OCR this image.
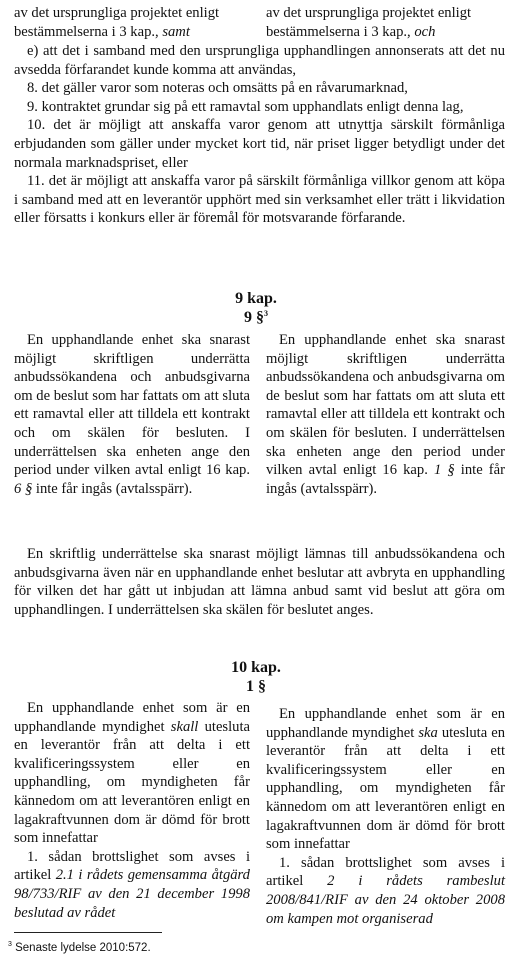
av det ursprungliga projektet enligt

bestämmelserna i 3 kap., samt

av det ursprungliga projektet enligt

bestämmelserna i 3 kap., och

e) att det i samband med den ursprungliga upphandlingen annonserats att det nu avsedda förfarandet kunde komma att användas,

8. det gäller varor som noteras och omsätts på en råvarumarknad,

9. kontraktet grundar sig på ett ramavtal som upphandlats enligt denna lag,

10. det är möjligt att anskaffa varor genom att utnyttja särskilt förmånliga erbjudanden som gäller under mycket kort tid, när priset ligger betydligt under det normala marknadspriset, eller

11. det är möjligt att anskaffa varor på särskilt förmånliga villkor genom att köpa i samband med att en leverantör upphört med sin verksamhet eller trätt i likvidation eller försatts i konkurs eller är föremål för motsvarande förfarande.

9 kap.

9 §$^3$

En upphandlande enhet ska snarast möjligt skriftligen underrätta anbudssökandena och anbudsgivarna om de beslut som har fattats om att sluta ett ramavtal eller att tilldela ett kontrakt och om skälen för besluten. I underrättelsen ska enheten ange den period under vilken avtal enligt 16 kap. 6 § inte får ingås (avtalsspärr).

En upphandlande enhet ska snarast möjligt skriftligen underrätta anbudssökandena och anbudsgivarna om de beslut som har fattats om att sluta ett ramavtal eller att tilldela ett kontrakt och om skälen för besluten. I underrättelsen ska enheten ange den period under vilken avtal enligt 16 kap. 1 § inte får ingås (avtalsspärr).

En skriftlig underrättelse ska snarast möjligt lämnas till anbudssökandena och anbudsgivarna även när en upphandlande enhet beslutar att avbryta en upphandling för vilken det har gått ut inbjudan att lämna anbud samt vid beslut att göra om upphandlingen. I underrättelsen ska skälen för beslutet anges.

10 kap.

1 §

En upphandlande enhet som är en upphandlande myndighet skall utesluta en leverantör från att delta i ett kvalificeringssystem eller en upphandling, om myndigheten får kännedom om att leverantören enligt en lagakraftvunnen dom är dömd för brott som innefattar

1. sådan brottslighet som avses i artikel 2.1 i rådets gemensamma åtgärd 98/733/RIF av den 21 december 1998 beslutad av rådet

En upphandlande enhet som är en upphandlande myndighet ska utesluta en leverantör från att delta i ett kvalificeringssystem eller en upphandling, om myndigheten får kännedom om att leverantören enligt en lagakraftvunnen dom är dömd för brott som innefattar

1. sådan brottslighet som avses i artikel 2 i rådets rambeslut 2008/841/RIF av den 24 oktober 2008 om kampen mot organiserad

$^3$ Senaste lydelse 2010:572.
